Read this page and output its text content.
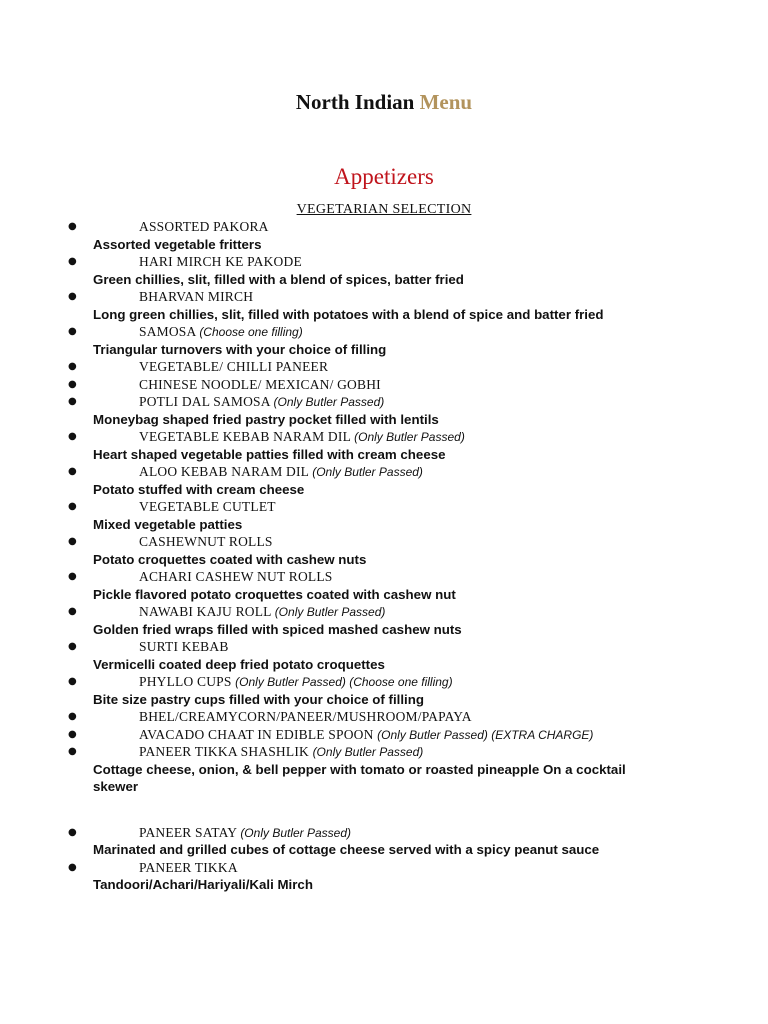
North Indian Menu
Appetizers
VEGETARIAN SELECTION
●	ASSORTED PAKORA
Assorted vegetable fritters
●	HARI MIRCH KE PAKODE
Green chillies, slit, filled with a blend of spices, batter fried
●	BHARVAN MIRCH
Long green chillies, slit, filled with potatoes with a blend of spice and batter fried
●	SAMOSA (Choose one filling)
Triangular turnovers with your choice of filling
●	VEGETABLE/ CHILLI PANEER
●	CHINESE NOODLE/ MEXICAN/ GOBHI
●	POTLI DAL SAMOSA (Only Butler Passed)
Moneybag shaped fried pastry pocket filled with lentils
●	VEGETABLE KEBAB NARAM DIL (Only Butler Passed)
Heart shaped vegetable patties filled with cream cheese
●	ALOO KEBAB NARAM DIL (Only Butler Passed)
Potato stuffed with cream cheese
●	VEGETABLE CUTLET
Mixed vegetable patties
●	CASHEWNUT ROLLS
Potato croquettes coated with cashew nuts
●	ACHARI CASHEW NUT ROLLS
Pickle flavored potato croquettes coated with cashew nut
●	NAWABI KAJU ROLL (Only Butler Passed)
Golden fried wraps filled with spiced mashed cashew nuts
●	SURTI KEBAB
Vermicelli coated deep fried potato croquettes
●	PHYLLO CUPS (Only Butler Passed) (Choose one filling)
Bite size pastry cups filled with your choice of filling
●	BHEL/CREAMYCORN/PANEER/MUSHROOM/PAPAYA
●	AVACADO CHAAT IN EDIBLE SPOON (Only Butler Passed) (EXTRA CHARGE)
●	PANEER TIKKA SHASHLIK (Only Butler Passed)
Cottage cheese, onion, & bell pepper with tomato or roasted pineapple On a cocktail skewer
●	PANEER SATAY (Only Butler Passed)
Marinated and grilled cubes of cottage cheese served with a spicy peanut sauce
●	PANEER TIKKA
Tandoori/Achari/Hariyali/Kali Mirch
